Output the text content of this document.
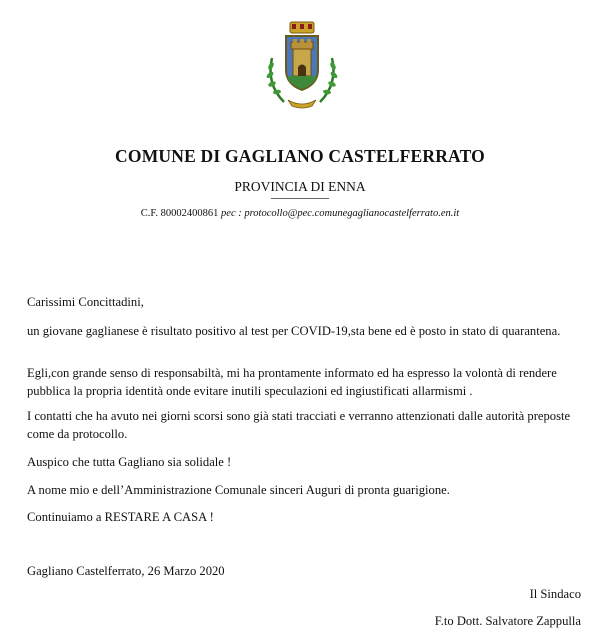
COMUNE DI GAGLIANO CASTELFERRATO
PROVINCIA DI ENNA
C.F. 80002400861 pec : protocollo@pec.comunegaglianocastelferrato.en.it

Carissimi Concittadini,

un giovane gaglianese è risultato positivo al test per COVID-19,sta bene ed è posto in stato di quarantena.

Egli,con grande senso di responsabiltà, mi ha prontamente informato ed ha espresso la volontà di rendere pubblica la propria identità onde evitare inutili speculazioni ed ingiustificati allarmismi .

I contatti che ha avuto nei giorni scorsi sono già stati tracciati e verranno attenzionati dalle autorità preposte come da protocollo.

Auspico che tutta Gagliano sia solidale !

A nome mio e dell’Amministrazione Comunale sinceri Auguri di pronta guarigione.

Continuiamo a RESTARE A CASA !

Gagliano Castelferrato, 26 Marzo 2020

Il Sindaco
F.to Dott. Salvatore Zappulla
